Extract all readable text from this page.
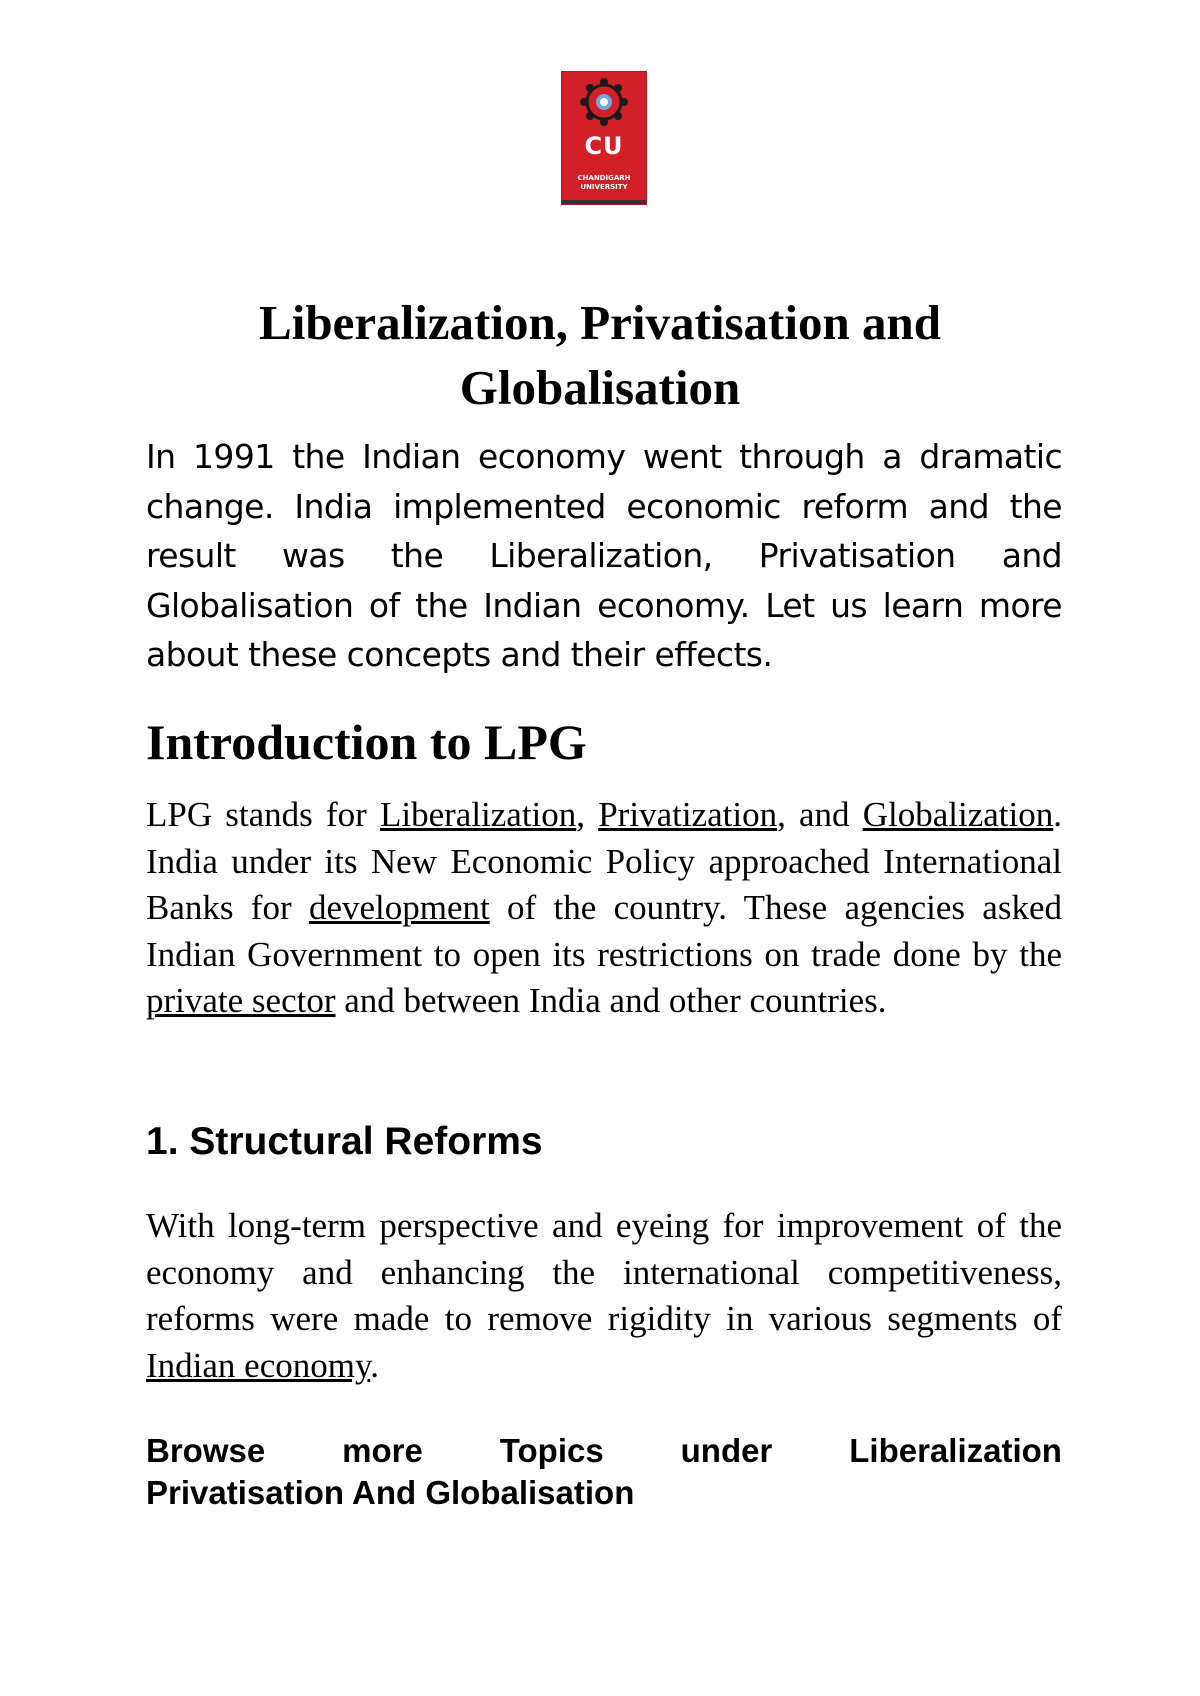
CU
CHANDIGARH
UNIVERSITY
Liberalization, Privatisation and Globalisation

In 1991 the Indian economy went through a dramatic change. India implemented economic reform and the result was the Liberalization, Privatisation and Globalisation of the Indian economy. Let us learn more about these concepts and their effects.

Introduction to LPG

LPG stands for Liberalization, Privatization, and Globalization. India under its New Economic Policy approached International Banks for development of the country. These agencies asked Indian Government to open its restrictions on trade done by the private sector and between India and other countries.

1. Structural Reforms

With long-term perspective and eyeing for improvement of the economy and enhancing the international competitiveness, reforms were made to remove rigidity in various segments of Indian economy.

Browse more Topics under Liberalization
Privatisation And Globalisation
